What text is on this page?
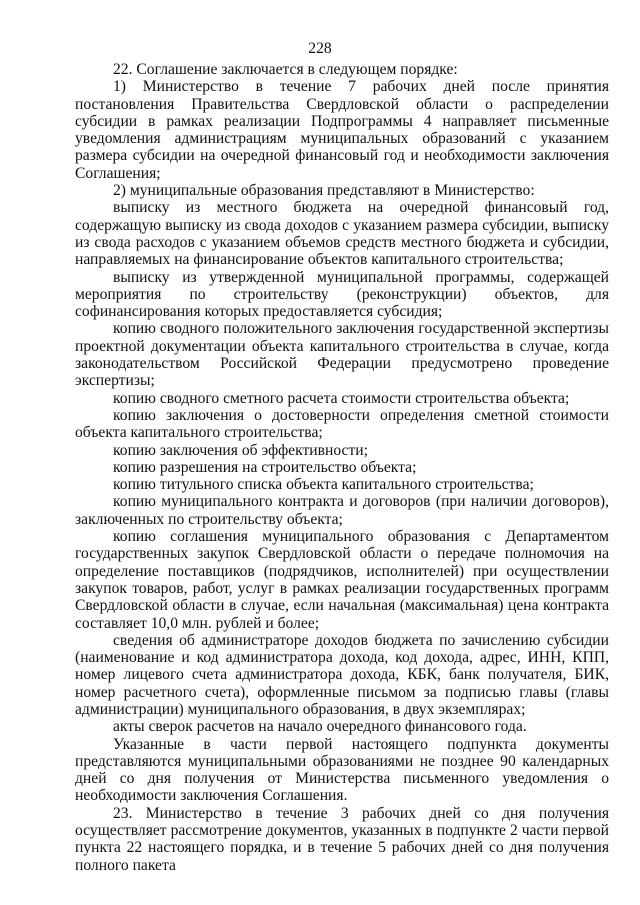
228

22. Соглашение заключается в следующем порядке:

1) Министерство в течение 7 рабочих дней после принятия постановления Правительства Свердловской области о распределении субсидии в рамках реализации Подпрограммы 4 направляет письменные уведомления администрациям муниципальных образований с указанием размера субсидии на очередной финансовый год и необходимости заключения Соглашения;

2) муниципальные образования представляют в Министерство:

выписку из местного бюджета на очередной финансовый год, содержащую выписку из свода доходов с указанием размера субсидии, выписку из свода расходов с указанием объемов средств местного бюджета и субсидии, направляемых на финансирование объектов капитального строительства;

выписку из утвержденной муниципальной программы, содержащей мероприятия по строительству (реконструкции) объектов, для софинансирования которых предоставляется субсидия;

копию сводного положительного заключения государственной экспертизы проектной документации объекта капитального строительства в случае, когда законодательством Российской Федерации предусмотрено проведение экспертизы;

копию сводного сметного расчета стоимости строительства объекта;

копию заключения о достоверности определения сметной стоимости объекта капитального строительства;

копию заключения об эффективности;

копию разрешения на строительство объекта;

копию титульного списка объекта капитального строительства;

копию муниципального контракта и договоров (при наличии договоров), заключенных по строительству объекта;

копию соглашения муниципального образования с Департаментом государственных закупок Свердловской области о передаче полномочия на определение поставщиков (подрядчиков, исполнителей) при осуществлении закупок товаров, работ, услуг в рамках реализации государственных программ Свердловской области в случае, если начальная (максимальная) цена контракта составляет 10,0 млн. рублей и более;

сведения об администраторе доходов бюджета по зачислению субсидии (наименование и код администратора дохода, код дохода, адрес, ИНН, КПП, номер лицевого счета администратора дохода, КБК, банк получателя, БИК, номер расчетного счета), оформленные письмом за подписью главы (главы администрации) муниципального образования, в двух экземплярах;

акты сверок расчетов на начало очередного финансового года.

Указанные в части первой настоящего подпункта документы представляются муниципальными образованиями не позднее 90 календарных дней со дня получения от Министерства письменного уведомления о необходимости заключения Соглашения.

23. Министерство в течение 3 рабочих дней со дня получения осуществляет рассмотрение документов, указанных в подпункте 2 части первой пункта 22 настоящего порядка, и в течение 5 рабочих дней со дня получения полного пакета
